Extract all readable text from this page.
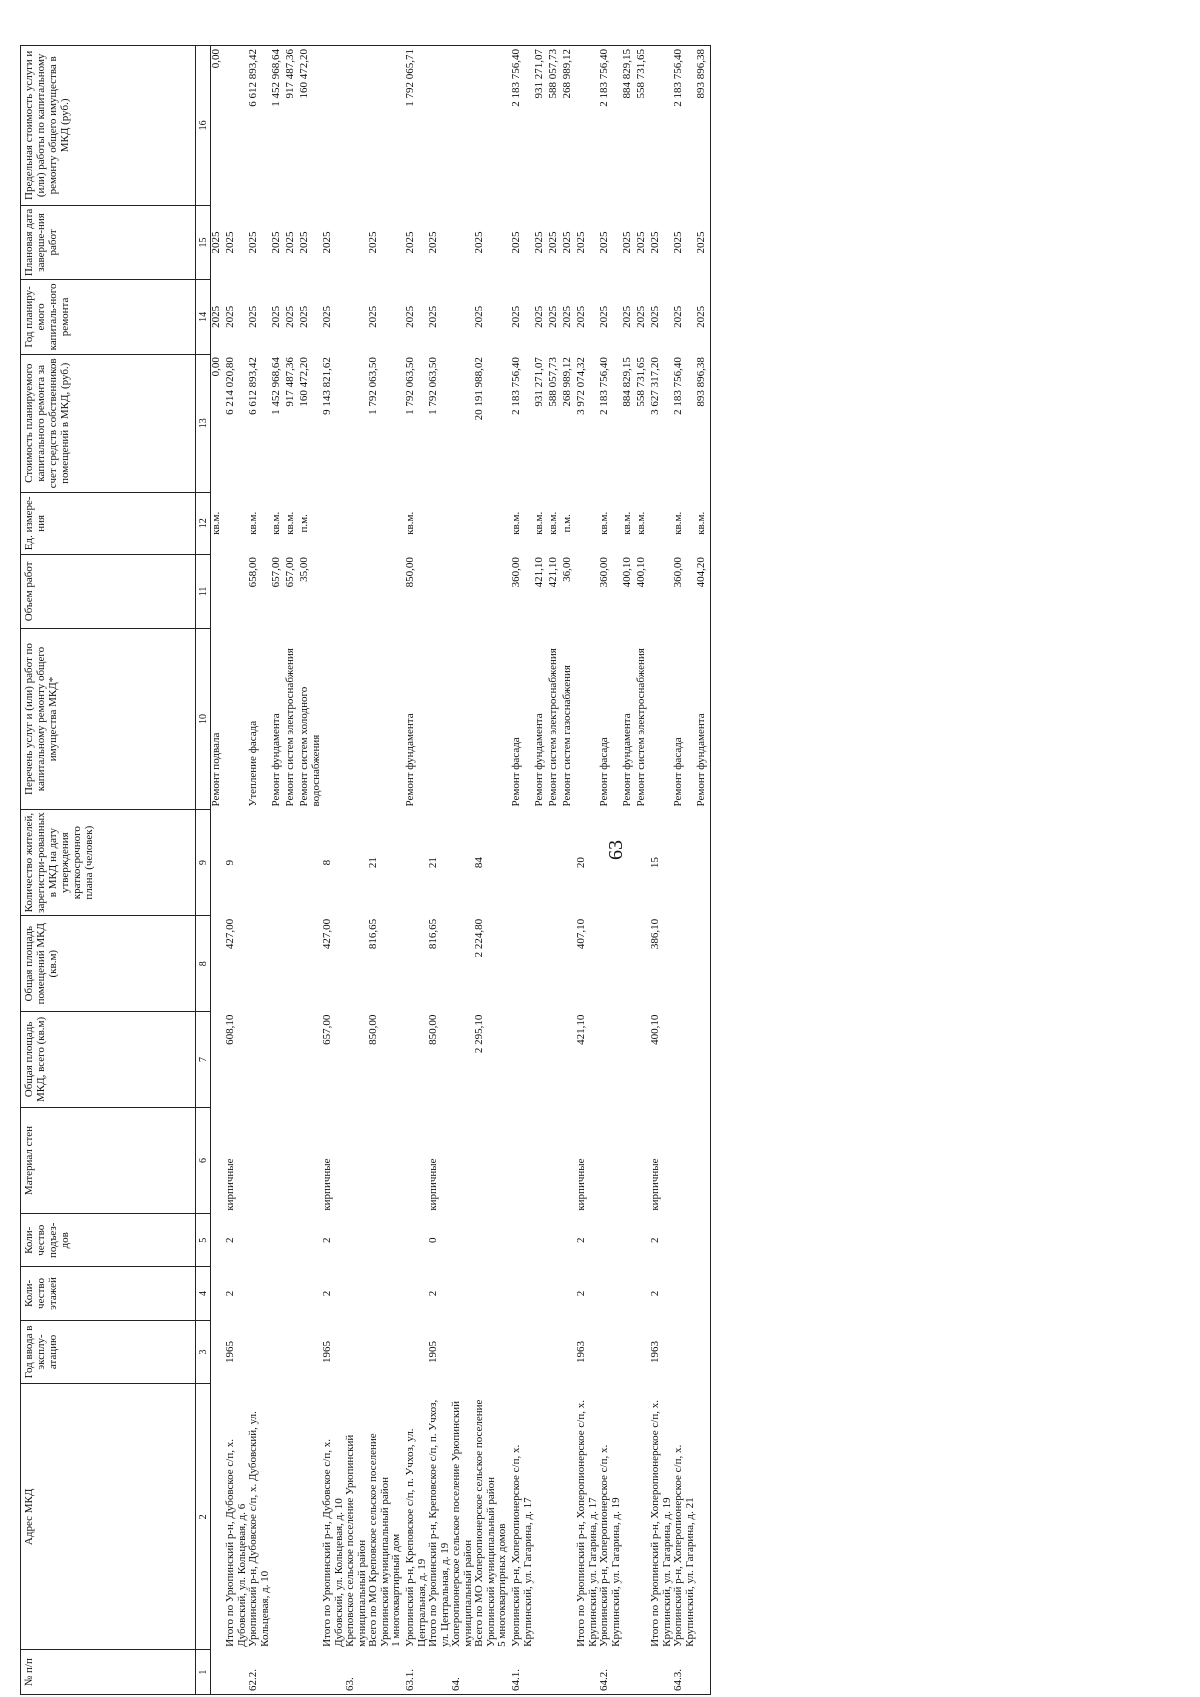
63
№ п/п	Адрес МКД	Год ввода в эксплу-атацию	Коли-чество этажей	Коли-чество подъез-дов	Материал стен	Общая площадь МКД, всего (кв.м)	Общая площадь помещений МКД (кв.м)	Количество жителей, зарегистри-рованных в МКД на дату утверждения краткосрочного плана (человек)	Перечень услуг и (или) работ по капитальному ремонту общего имущества МКД*	Объем работ	Ед. измере-ния	Стоимость планируемого капитального ремонта за счет средств собственников помещений в МКД, (руб.)	Год планиру-емого капиталь-ного ремонта	Плановая дата заверше-ния работ	Предельная стоимость услуги и (или) работы по капитальному ремонту общего имущества в МКД (руб.)
1	2	3	4	5	6	7	8	9	10	11	12	13	14	15	16
									Ремонт подвала		кв.м.	0,00	2025	2025	0,00
	Итого по Урюпинский р-н, Дубовское с/п, х. Дубовский, ул. Кольцевая, д. 6	1965	2	2	кирпичные	608,10	427,00	9				6 214 020,80	2025	2025	
62.2.	Урюпинский р-н, Дубовское с/п, х. Дубовский, ул. Кольцевая, д. 10								Утепление фасада	658,00	кв.м.	6 612 893,42	2025	2025	6 612 893,42
									Ремонт фундамента	657,00	кв.м.	1 452 968,64	2025	2025	1 452 968,64
									Ремонт систем электроснабжения	657,00	кв.м.	917 487,36	2025	2025	917 487,36
									Ремонт систем холодного водоснабжения	35,00	п.м.	160 472,20	2025	2025	160 472,20
	Итого по Урюпинский р-н, Дубовское с/п, х. Дубовский, ул. Кольцевая, д. 10	1965	2	2	кирпичные	657,00	427,00	8				9 143 821,62	2025	2025	
63.	Креповское сельское поселение Урюпинский муниципальный район														
	Всего по МО Креповское сельское поселение Урюпинский муниципальный район					850,00	816,65	21				1 792 063,50	2025	2025	
	1 многоквартирный дом														
63.1.	Урюпинский р-н, Креповское с/п, п. Учхоз, ул. Центральная, д. 19								Ремонт фундамента	850,00	кв.м.	1 792 063,50	2025	2025	1 792 065,71
	Итого по Урюпинский р-н, Креповское с/п, п. Учхоз, ул. Центральная, д. 19	1905	2	0	кирпичные	850,00	816,65	21				1 792 063,50	2025	2025	
64.	Хоперопионерское сельское поселение Урюпинский муниципальный район														
	Всего по МО Хоперопионерское сельское поселение Урюпинский муниципальный район					2 295,10	2 224,80	84				20 191 988,02	2025	2025	
	5 многоквартирных домов														
64.1.	Урюпинский р-н, Хоперопионерское с/п, х. Крупинский, ул. Гагарина, д. 17								Ремонт фасада	360,00	кв.м.	2 183 756,40	2025	2025	2 183 756,40
									Ремонт фундамента	421,10	кв.м.	931 271,07	2025	2025	931 271,07
									Ремонт систем электроснабжения	421,10	кв.м.	588 057,73	2025	2025	588 057,73
									Ремонт систем газоснабжения	36,00	п.м.	268 989,12	2025	2025	268 989,12
	Итого по Урюпинский р-н, Хоперопионерское с/п, х. Крупинский, ул. Гагарина, д. 17	1963	2	2	кирпичные	421,10	407,10	20				3 972 074,32	2025	2025	
64.2.	Урюпинский р-н, Хоперопионерское с/п, х. Крупинский, ул. Гагарина, д. 19								Ремонт фасада	360,00	кв.м.	2 183 756,40	2025	2025	2 183 756,40
									Ремонт фундамента	400,10	кв.м.	884 829,15	2025	2025	884 829,15
									Ремонт систем электроснабжения	400,10	кв.м.	558 731,65	2025	2025	558 731,65
	Итого по Урюпинский р-н, Хоперопионерское с/п, х. Крупинский, ул. Гагарина, д. 19	1963	2	2	кирпичные	400,10	386,10	15				3 627 317,20	2025	2025	
64.3.	Урюпинский р-н, Хоперопионерское с/п, х. Крупинский, ул. Гагарина, д. 21								Ремонт фасада	360,00	кв.м.	2 183 756,40	2025	2025	2 183 756,40
									Ремонт фундамента	404,20	кв.м.	893 896,38	2025	2025	893 896,38
